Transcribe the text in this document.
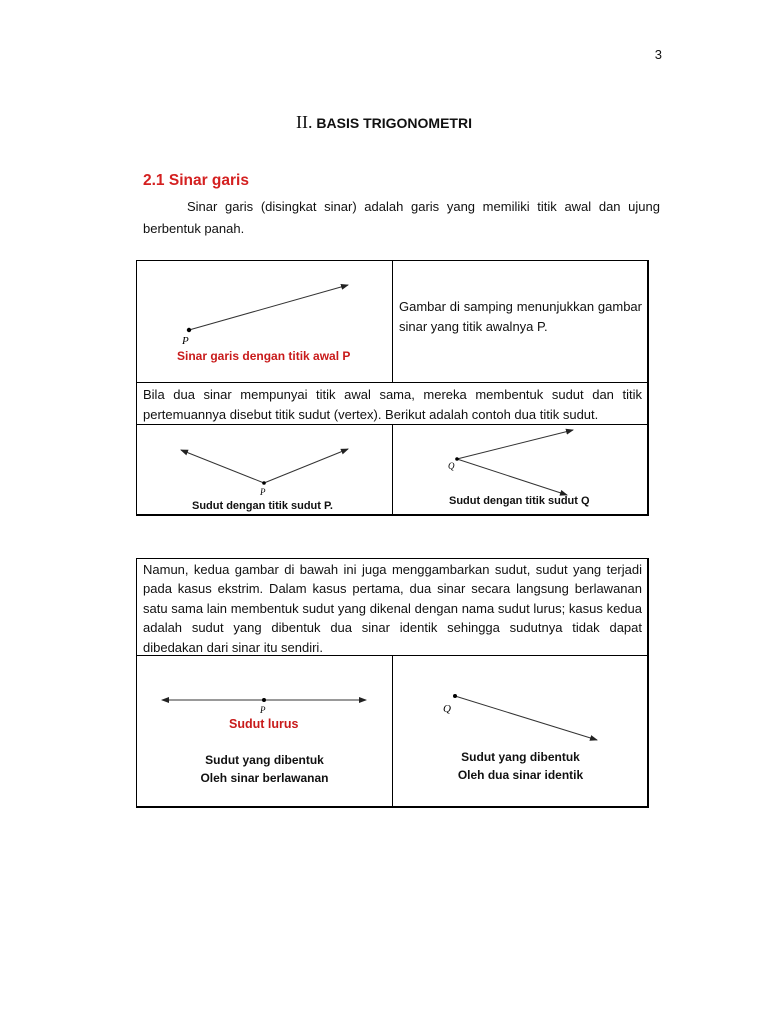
3
II. BASIS TRIGONOMETRI
2.1 Sinar garis

Sinar garis (disingkat sinar) adalah garis yang memiliki titik awal dan ujung berbentuk panah.

P
Sinar garis dengan titik awal P
Gambar di samping menunjukkan gambar sinar yang titik awalnya P.
Bila dua sinar mempunyai titik awal sama, mereka membentuk sudut dan titik pertemuannya disebut titik sudut (vertex). Berikut adalah contoh dua titik sudut.
P
Sudut dengan titik sudut P.
Q
Sudut dengan titik sudut Q
Namun, kedua gambar di bawah ini juga menggambarkan sudut, sudut yang terjadi pada kasus ekstrim. Dalam kasus pertama, dua sinar secara langsung berlawanan satu sama lain membentuk sudut yang dikenal dengan nama sudut lurus; kasus kedua adalah sudut yang dibentuk dua sinar identik sehingga sudutnya tidak dapat dibedakan dari sinar itu sendiri.
P
Sudut lurus
Sudut yang dibentuk
Oleh sinar berlawanan
Q
Sudut yang dibentuk
Oleh dua sinar identik
